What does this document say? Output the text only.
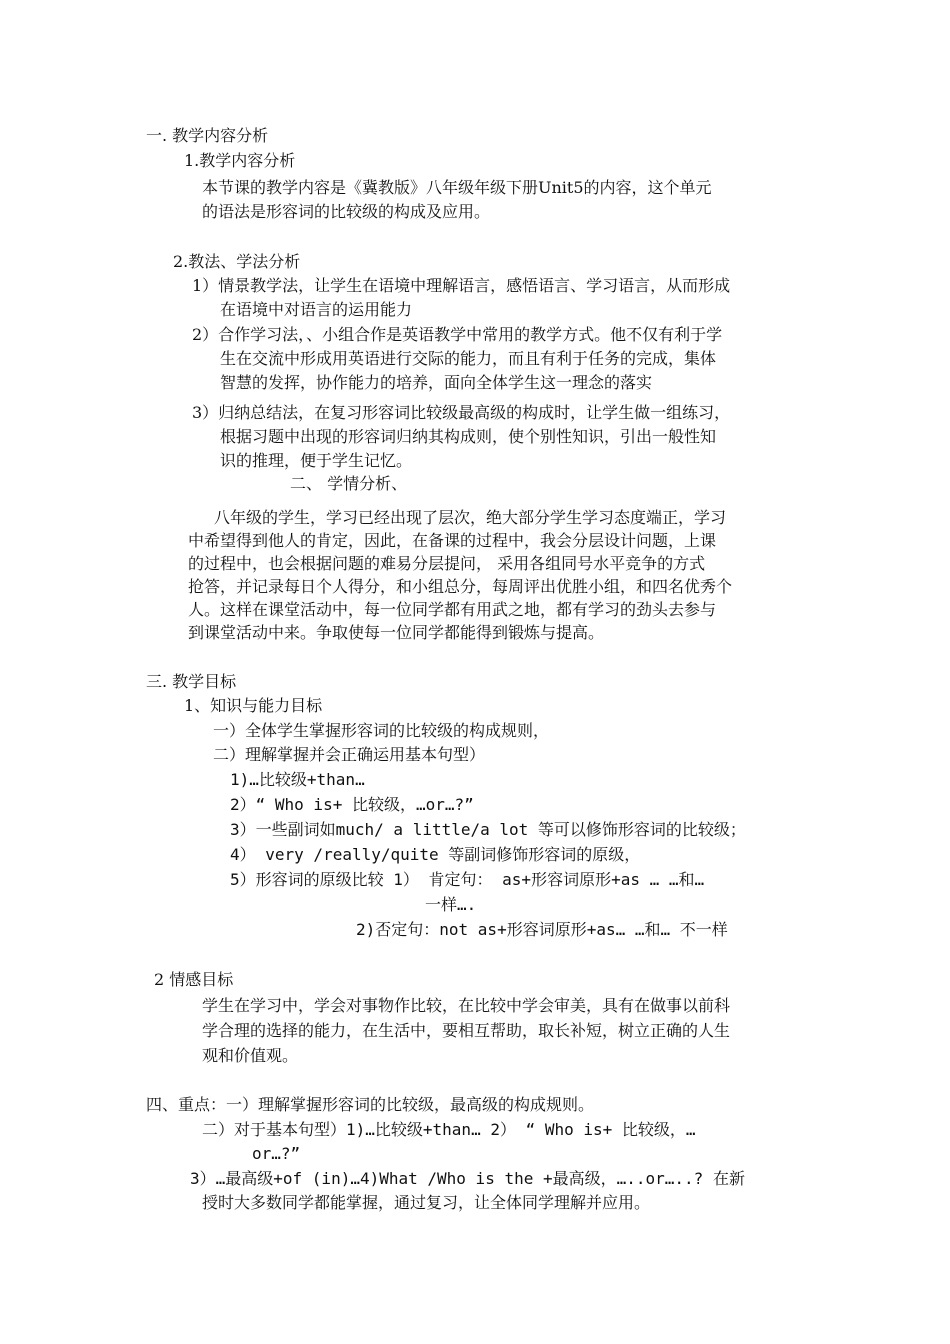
一. 教学内容分析
1.教学内容分析

本节课的教学内容是《冀教版》八年级年级下册Unit5的内容，这个单元

的语法是形容词的比较级的构成及应用。

2.教法、学法分析

1）情景教学法，让学生在语境中理解语言，感悟语言、学习语言，从而形成

在语境中对语言的运用能力

2）合作学习法，、小组合作是英语教学中常用的教学方式。他不仅有利于学

生在交流中形成用英语进行交际的能力，而且有利于任务的完成，集体

智慧的发挥，协作能力的培养，面向全体学生这一理念的落实

3）归纳总结法，在复习形容词比较级最高级的构成时，让学生做一组练习，

根据习题中出现的形容词归纳其构成则，使个别性知识，引出一般性知

识的推理，便于学生记忆。

二、 学情分析、

八年级的学生，学习已经出现了层次，绝大部分学生学习态度端正，学习

中希望得到他人的肯定，因此，在备课的过程中，我会分层设计问题，上课

的过程中，也会根据问题的难易分层提问， 采用各组同号水平竞争的方式

抢答，并记录每日个人得分，和小组总分，每周评出优胜小组，和四名优秀个

人。这样在课堂活动中，每一位同学都有用武之地，都有学习的劲头去参与

到课堂活动中来。争取使每一位同学都能得到锻炼与提高。

三. 教学目标
1、知识与能力目标
一）全体学生掌握形容词的比较级的构成规则，
二）理解掌握并会正确运用基本句型）
1)…比较级+than…
2）“ Who is+ 比较级，…or…?”
3）一些副词如much/ a little/a lot 等可以修饰形容词的比较级；
4） very /really/quite 等副词修饰形容词的原级，
5）形容词的原级比较 1） 肯定句： as+形容词原形+as … …和…
一样….
2)否定句：not as+形容词原形+as… …和… 不一样
2 情感目标

学生在学习中，学会对事物作比较，在比较中学会审美，具有在做事以前科

学合理的选择的能力，在生活中，要相互帮助，取长补短，树立正确的人生

观和价值观。

四、重点：一）理解掌握形容词的比较级，最高级的构成规则。
二）对于基本句型）1)…比较级+than… 2） “ Who is+ 比较级，…
or…?”
3）…最高级+of (in)…4)What /Who is the +最高级，…..or…..? 在新
授时大多数同学都能掌握，通过复习，让全体同学理解并应用。
